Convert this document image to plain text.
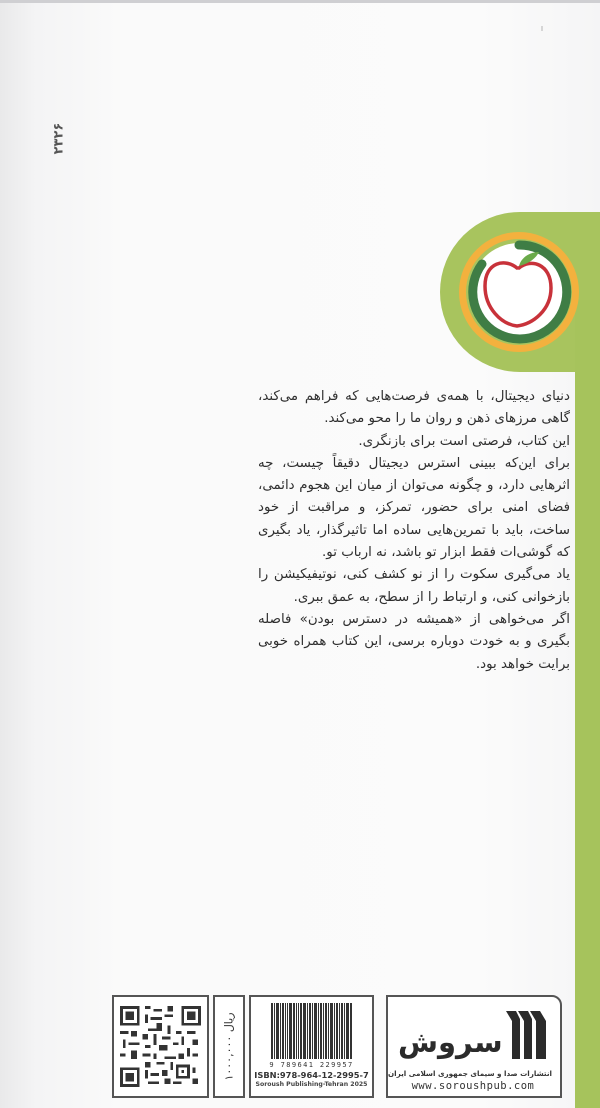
۲۳۲۶

دنیای دیجیتال، با همه‌ی فرصت‌هایی که فراهم می‌کند، گاهی مرزهای ذهن و روان ما را محو می‌کند.

این کتاب، فرصتی است برای بازنگری.

برای این‌که ببینی استرس دیجیتال دقیقاً چیست، چه اثرهایی دارد، و چگونه می‌توان از میان این هجوم دائمی، فضای امنی برای حضور، تمرکز، و مراقبت از خود ساخت، باید با تمرین‌هایی ساده اما تاثیرگذار، یاد بگیری که گوشی‌ات فقط ابزار تو باشد، نه ارباب تو.

یاد می‌گیری سکوت را از نو کشف کنی، نوتیفیکیشن را بازخوانی کنی، و ارتباط را از سطح، به عمق ببری.

اگر می‌خواهی از «همیشه در دسترس بودن» فاصله بگیری و به خودت دوباره برسی، این کتاب همراه خوبی برایت خواهد بود.

۱۰۰۰,۰۰۰ ریال
9 789641 229957
ISBN:978-964-12-2995-7
Soroush Publishing-Tehran 2025
سروش
انتشارات صدا و سیمای جمهوری اسلامی ایران
www.soroushpub.com
